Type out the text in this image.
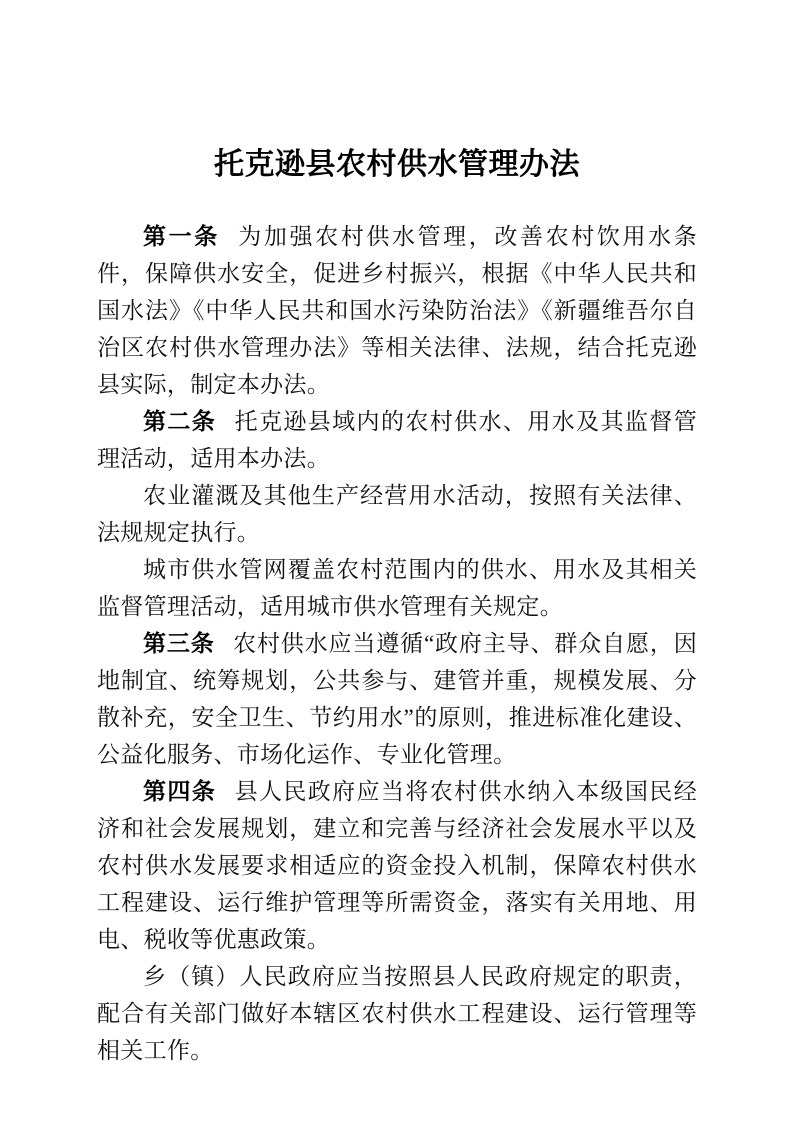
托克逊县农村供水管理办法

第一条 为加强农村供水管理，改善农村饮用水条件，保障供水安全，促进乡村振兴，根据《中华人民共和国水法》《中华人民共和国水污染防治法》《新疆维吾尔自治区农村供水管理办法》等相关法律、法规，结合托克逊县实际，制定本办法。

第二条 托克逊县域内的农村供水、用水及其监督管理活动，适用本办法。

农业灌溉及其他生产经营用水活动，按照有关法律、法规规定执行。

城市供水管网覆盖农村范围内的供水、用水及其相关监督管理活动，适用城市供水管理有关规定。

第三条 农村供水应当遵循“政府主导、群众自愿，因地制宜、统筹规划，公共参与、建管并重，规模发展、分散补充，安全卫生、节约用水”的原则，推进标准化建设、公益化服务、市场化运作、专业化管理。

第四条 县人民政府应当将农村供水纳入本级国民经济和社会发展规划，建立和完善与经济社会发展水平以及农村供水发展要求相适应的资金投入机制，保障农村供水工程建设、运行维护管理等所需资金，落实有关用地、用电、税收等优惠政策。

乡（镇）人民政府应当按照县人民政府规定的职责，配合有关部门做好本辖区农村供水工程建设、运行管理等相关工作。
